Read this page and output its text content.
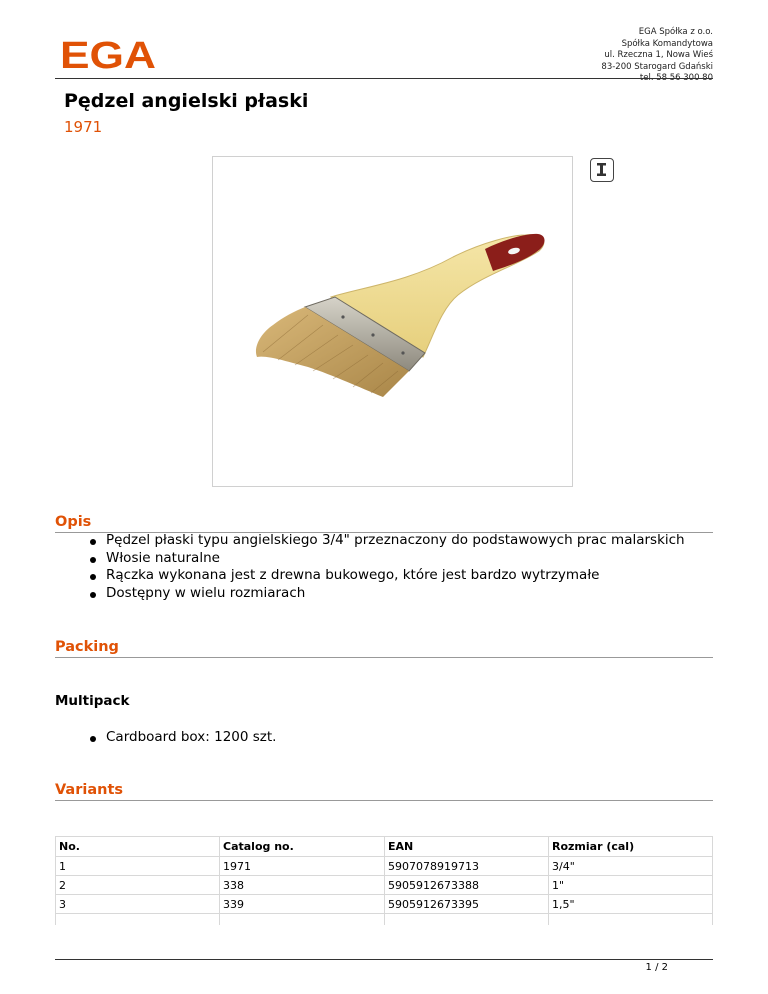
EGA
EGA Spółka z o.o.
Spółka Komandytowa
ul. Rzeczna 1, Nowa Wieś
83-200 Starogard Gdański
tel. 58 56 300 80
Pędzel angielski płaski
1971
Opis
Pędzel płaski typu angielskiego 3/4" przeznaczony do podstawowych prac malarskich
Włosie naturalne
Rączka wykonana jest z drewna bukowego, które jest bardzo wytrzymałe
Dostępny w wielu rozmiarach
Packing
Multipack
Cardboard box: 1200 szt.
Variants
No.	Catalog no.	EAN	Rozmiar (cal)
1	1971	5907078919713	3/4"
2	338	5905912673388	1"
3	339	5905912673395	1,5"
1 / 2
